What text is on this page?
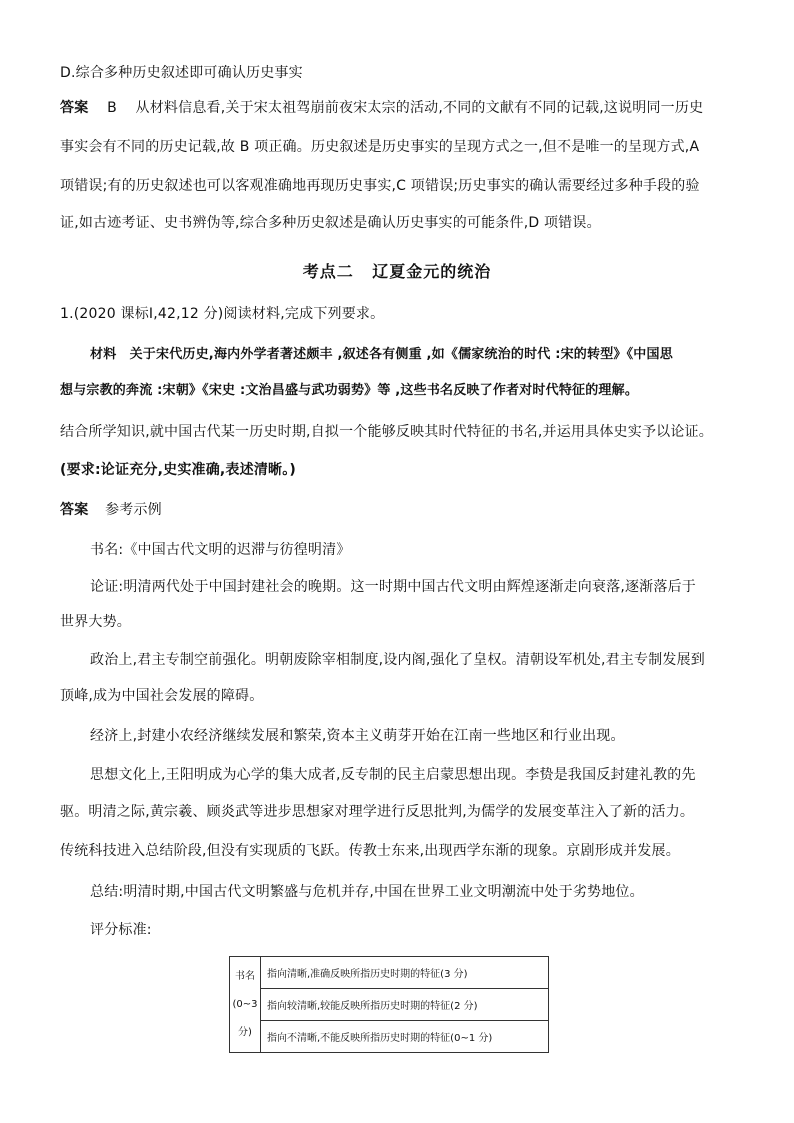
D.综合多种历史叙述即可确认历史事实
答案 B 从材料信息看,关于宋太祖驾崩前夜宋太宗的活动,不同的文献有不同的记载,这说明同一历史
事实会有不同的历史记载,故 B 项正确。历史叙述是历史事实的呈现方式之一,但不是唯一的呈现方式,A
项错误;有的历史叙述也可以客观准确地再现历史事实,C 项错误;历史事实的确认需要经过多种手段的验
证,如古迹考证、史书辨伪等,综合多种历史叙述是确认历史事实的可能条件,D 项错误。
考点二 辽夏金元的统治
1.(2020 课标Ⅰ,42,12 分)阅读材料,完成下列要求。
材料　关于宋代历史,海内外学者著述颇丰 ,叙述各有侧重 ,如《儒家统治的时代 :宋的转型》《中国思
想与宗教的奔流 :宋朝》《宋史 :文治昌盛与武功弱势》等 ,这些书名反映了作者对时代特征的理解。
结合所学知识,就中国古代某一历史时期,自拟一个能够反映其时代特征的书名,并运用具体史实予以论证。
(要求:论证充分,史实准确,表述清晰。)
答案 参考示例
书名:《中国古代文明的迟滞与彷徨明清》
论证:明清两代处于中国封建社会的晚期。这一时期中国古代文明由辉煌逐渐走向衰落,逐渐落后于
世界大势。
政治上,君主专制空前强化。明朝废除宰相制度,设内阁,强化了皇权。清朝设军机处,君主专制发展到
顶峰,成为中国社会发展的障碍。
经济上,封建小农经济继续发展和繁荣,资本主义萌芽开始在江南一些地区和行业出现。
思想文化上,王阳明成为心学的集大成者,反专制的民主启蒙思想出现。李贽是我国反封建礼教的先
驱。明清之际,黄宗羲、顾炎武等进步思想家对理学进行反思批判,为儒学的发展变革注入了新的活力。
传统科技进入总结阶段,但没有实现质的飞跃。传教士东来,出现西学东渐的现象。京剧形成并发展。
总结:明清时期,中国古代文明繁盛与危机并存,中国在世界工业文明潮流中处于劣势地位。
评分标准:
书名
(0~3
分)
	指向清晰,准确反映所指历史时期的特征(3 分)
指向较清晰,较能反映所指历史时期的特征(2 分)
指向不清晰,不能反映所指历史时期的特征(0~1 分)
